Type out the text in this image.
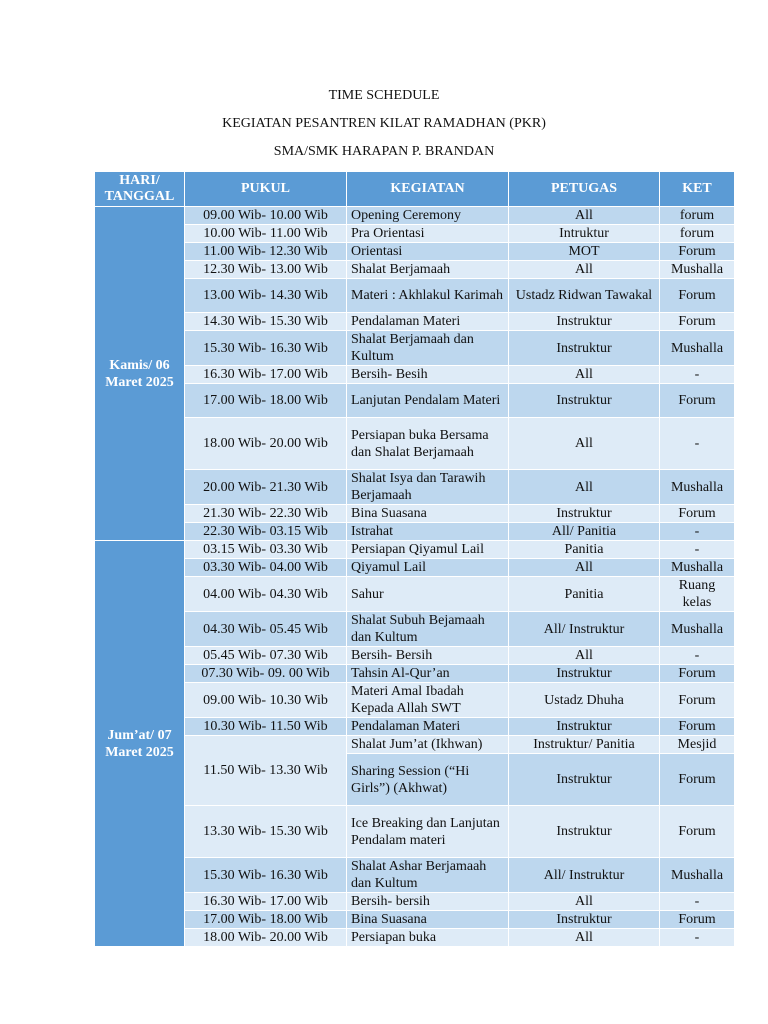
TIME SCHEDULE
KEGIATAN PESANTREN KILAT RAMADHAN (PKR)
SMA/SMK HARAPAN P. BRANDAN
HARI/ TANGGAL	PUKUL	KEGIATAN	PETUGAS	KET
Kamis/ 06 Maret 2025	09.00 Wib- 10.00 Wib	Opening Ceremony	All	forum
	10.00 Wib- 11.00 Wib	Pra Orientasi	Intruktur	forum
	11.00 Wib- 12.30 Wib	Orientasi	MOT	Forum
	12.30 Wib- 13.00 Wib	Shalat Berjamaah	All	Mushalla
	13.00 Wib- 14.30 Wib	Materi : Akhlakul Karimah	Ustadz Ridwan Tawakal	Forum
	14.30 Wib- 15.30 Wib	Pendalaman Materi	Instruktur	Forum
	15.30 Wib- 16.30 Wib	Shalat Berjamaah dan Kultum	Instruktur	Mushalla
	16.30 Wib- 17.00 Wib	Bersih- Besih	All	-
	17.00 Wib- 18.00 Wib	Lanjutan Pendalam Materi	Instruktur	Forum
	18.00 Wib- 20.00 Wib	Persiapan buka Bersama dan Shalat Berjamaah	All	-
	20.00 Wib- 21.30 Wib	Shalat Isya dan Tarawih Berjamaah	All	Mushalla
	21.30 Wib- 22.30 Wib	Bina Suasana	Instruktur	Forum
	22.30 Wib- 03.15 Wib	Istrahat	All/ Panitia	-
Jum’at/ 07 Maret 2025	03.15 Wib- 03.30 Wib	Persiapan Qiyamul Lail	Panitia	-
	03.30 Wib- 04.00 Wib	Qiyamul Lail	All	Mushalla
	04.00 Wib- 04.30 Wib	Sahur	Panitia	Ruang kelas
	04.30 Wib- 05.45 Wib	Shalat Subuh Bejamaah dan Kultum	All/ Instruktur	Mushalla
	05.45 Wib- 07.30 Wib	Bersih- Bersih	All	-
	07.30 Wib- 09. 00 Wib	Tahsin Al-Qur’an	Instruktur	Forum
	09.00 Wib- 10.30 Wib	Materi Amal Ibadah Kepada Allah SWT	Ustadz Dhuha	Forum
	10.30 Wib- 11.50 Wib	Pendalaman Materi	Instruktur	Forum
	11.50 Wib- 13.30 Wib	Shalat Jum’at (Ikhwan)	Instruktur/ Panitia	Mesjid
		Sharing Session (“Hi Girls”) (Akhwat)	Instruktur	Forum
	13.30 Wib- 15.30 Wib	Ice Breaking dan Lanjutan Pendalam materi	Instruktur	Forum
	15.30 Wib- 16.30 Wib	Shalat Ashar Berjamaah dan Kultum	All/ Instruktur	Mushalla
	16.30 Wib- 17.00 Wib	Bersih- bersih	All	-
	17.00 Wib- 18.00 Wib	Bina Suasana	Instruktur	Forum
	18.00 Wib- 20.00 Wib	Persiapan buka	All	-
